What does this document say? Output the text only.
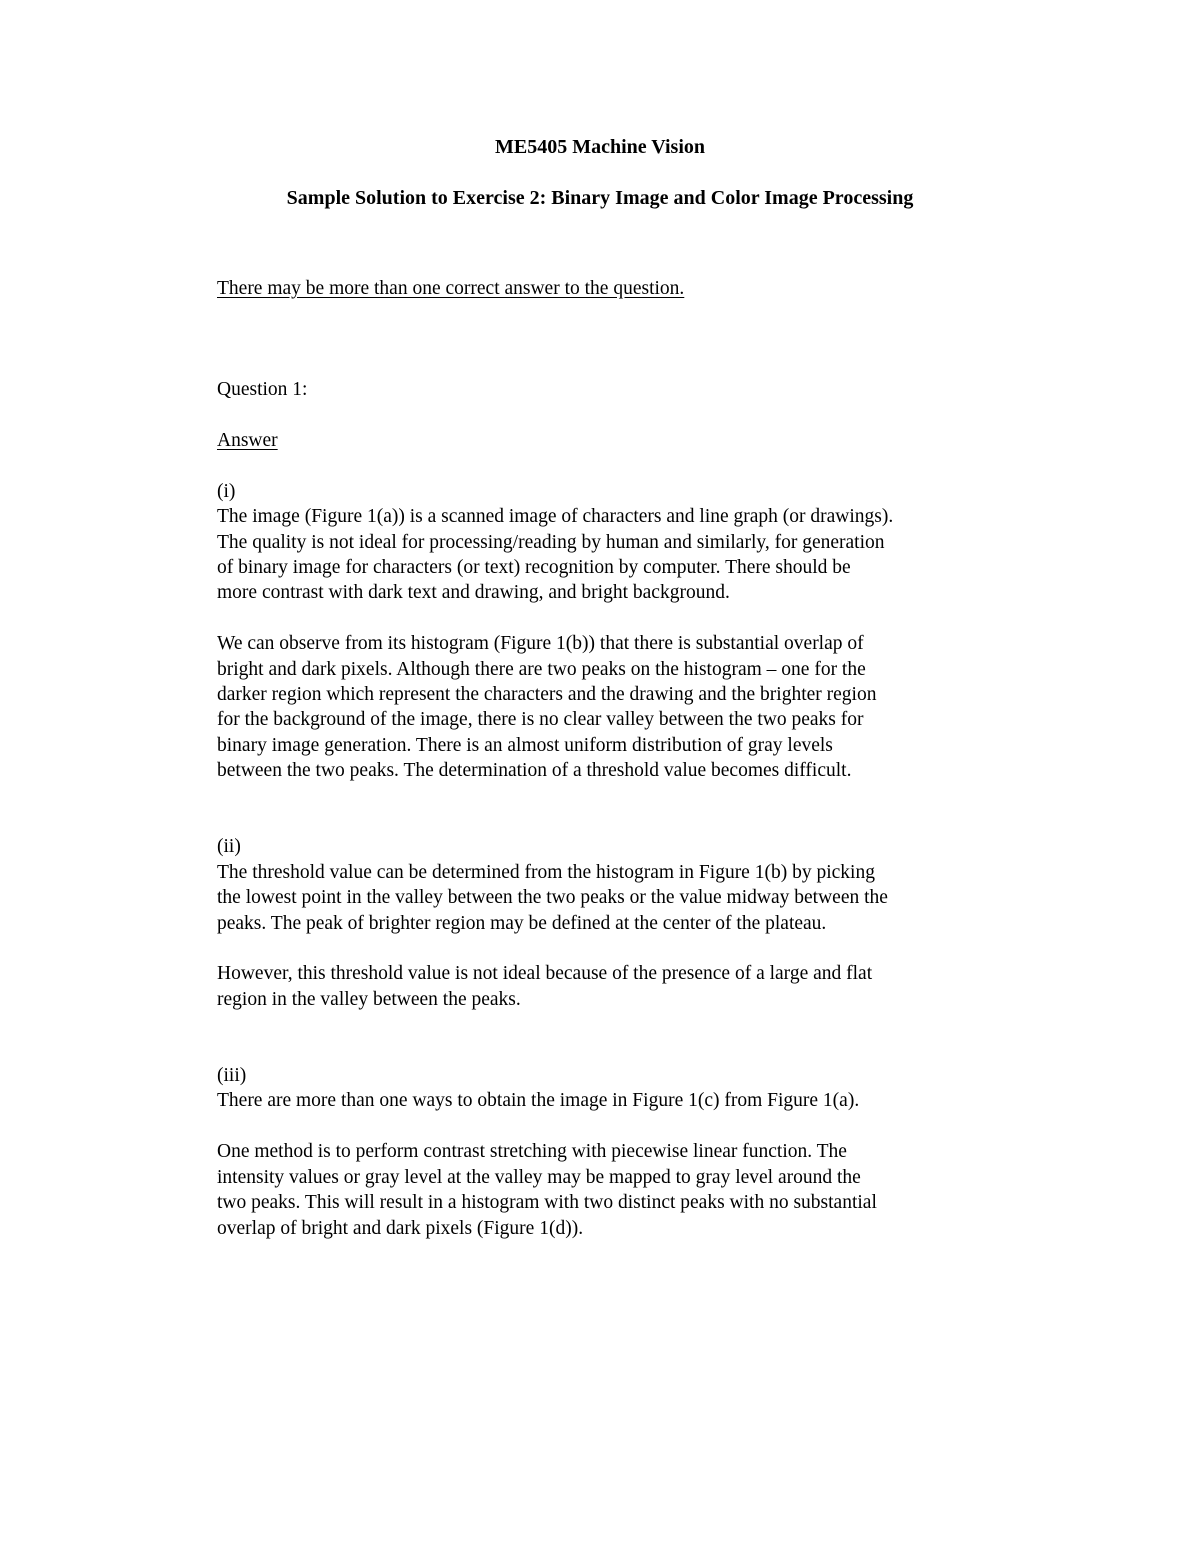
ME5405 Machine Vision
Sample Solution to Exercise 2: Binary Image and Color Image Processing

There may be more than one correct answer to the question.

Question 1:

Answer

(i)

The image (Figure 1(a)) is a scanned image of characters and line graph (or drawings).
The quality is not ideal for processing/reading by human and similarly, for generation
of binary image for characters (or text) recognition by computer. There should be
more contrast with dark text and drawing, and bright background.

We can observe from its histogram (Figure 1(b)) that there is substantial overlap of
bright and dark pixels. Although there are two peaks on the histogram – one for the
darker region which represent the characters and the drawing and the brighter region
for the background of the image, there is no clear valley between the two peaks for
binary image generation. There is an almost uniform distribution of gray levels
between the two peaks. The determination of a threshold value becomes difficult.

(ii)

The threshold value can be determined from the histogram in Figure 1(b) by picking
the lowest point in the valley between the two peaks or the value midway between the
peaks. The peak of brighter region may be defined at the center of the plateau.

However, this threshold value is not ideal because of the presence of a large and flat
region in the valley between the peaks.

(iii)

There are more than one ways to obtain the image in Figure 1(c) from Figure 1(a).

One method is to perform contrast stretching with piecewise linear function. The
intensity values or gray level at the valley may be mapped to gray level around the
two peaks. This will result in a histogram with two distinct peaks with no substantial
overlap of bright and dark pixels (Figure 1(d)).
